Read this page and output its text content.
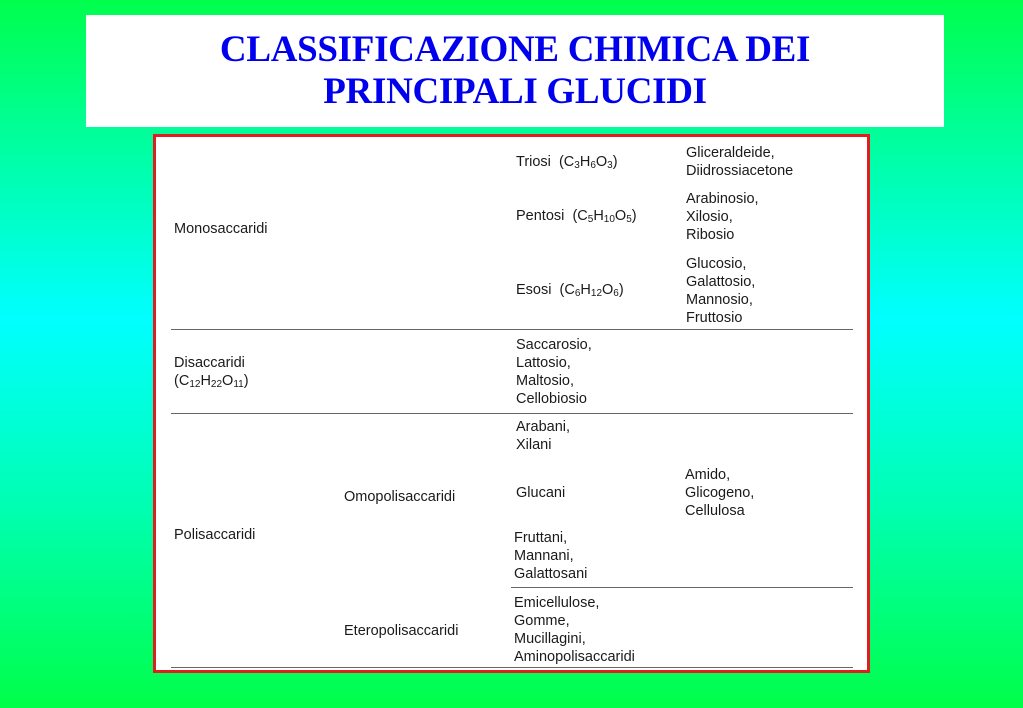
CLASSIFICAZIONE CHIMICA DEI
PRINCIPALI GLUCIDI
Monosaccaridi
Triosi $(C_3H_6O_3)$
Gliceraldeide,
Diidrossiacetone
Pentosi $(C_5H_{10}O_5)$
Arabinosio,
Xilosio,
Ribosio
Esosi $(C_6H_{12}O_6)$
Glucosio,
Galattosio,
Mannosio,
Fruttosio
Disaccaridi
$(C_{12}H_{22}O_{11})$
Saccarosio,
Lattosio,
Maltosio,
Cellobiosio
Polisaccaridi
Omopolisaccaridi
Arabani,
Xilani
Glucani
Amido,
Glicogeno,
Cellulosa
Fruttani,
Mannani,
Galattosani
Eteropolisaccaridi
Emicellulose,
Gomme,
Mucillagini,
Aminopolisaccaridi
